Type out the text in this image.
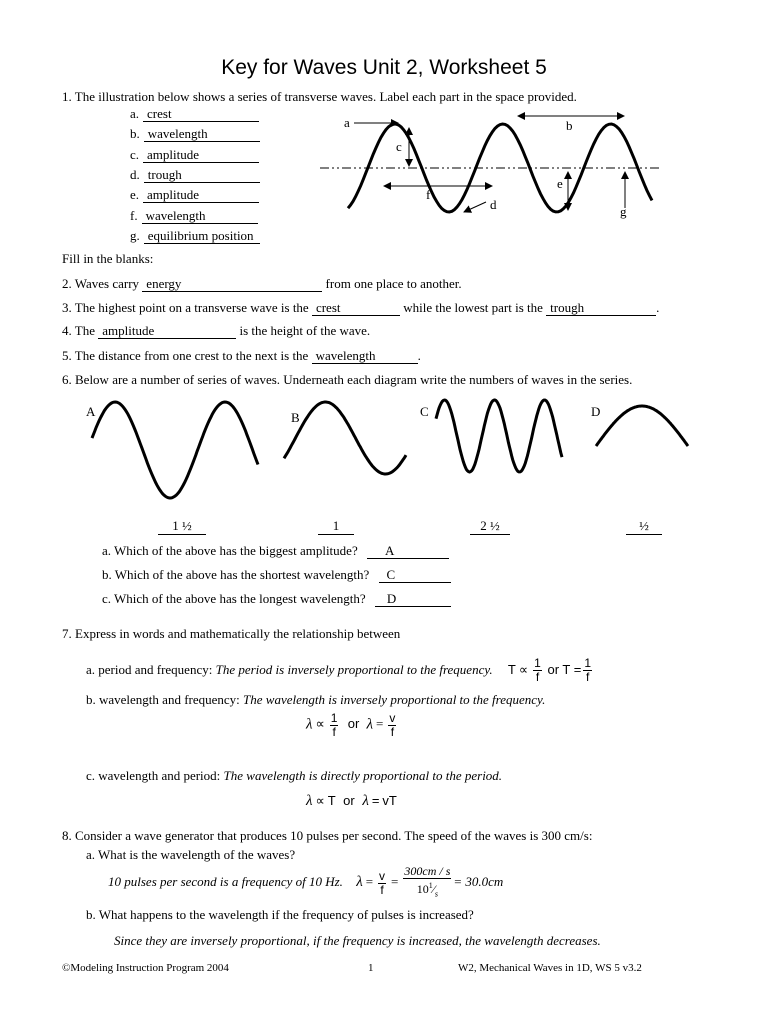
Key for Waves Unit 2, Worksheet 5
1. The illustration below shows a series of transverse waves. Label each part in the space provided.
a. crest
b. wavelength
c. amplitude
d. trough
e. amplitude
f. wavelength
g. equilibrium position
a	b
c
f
d
e
g
Fill in the blanks:
2. Waves carry energy	from one place to another.
3. The highest point on a transverse wave is the crest	while the lowest part is the trough	.
4. The amplitude	is the height of the wave.
5. The distance from one crest to the next is the wavelength	.
6. Below are a number of series of waves. Underneath each diagram write the numbers of waves in the series.
A	B	C	D
1 ½	1	2 ½	½
a. Which of the above has the biggest amplitude? A
b. Which of the above has the shortest wavelength? C
c. Which of the above has the longest wavelength? D
7. Express in words and mathematically the relationship between
a. period and frequency: The period is inversely proportional to the frequency. $T \propto \frac{1}{f}$ or $T = \frac{1}{f}$
b. wavelength and frequency: The wavelength is inversely proportional to the frequency.
$\lambda \propto \frac{1}{f}$ or $\lambda = \frac{v}{f}$
c. wavelength and period: The wavelength is directly proportional to the period.
λ ∝ T or λ = vT
8. Consider a wave generator that produces 10 pulses per second. The speed of the waves is 300 cm/s:
a. What is the wavelength of the waves?
10 pulses per second is a frequency of 10 Hz. $\lambda = \frac{v}{f} = \frac{300cm / s}{10^1⁄_s} = 30.0cm$
b. What happens to the wavelength if the frequency of pulses is increased?
Since they are inversely proportional, if the frequency is increased, the wavelength decreases.
©Modeling Instruction Program 2004	1	W2, Mechanical Waves in 1D, WS 5 v3.2
